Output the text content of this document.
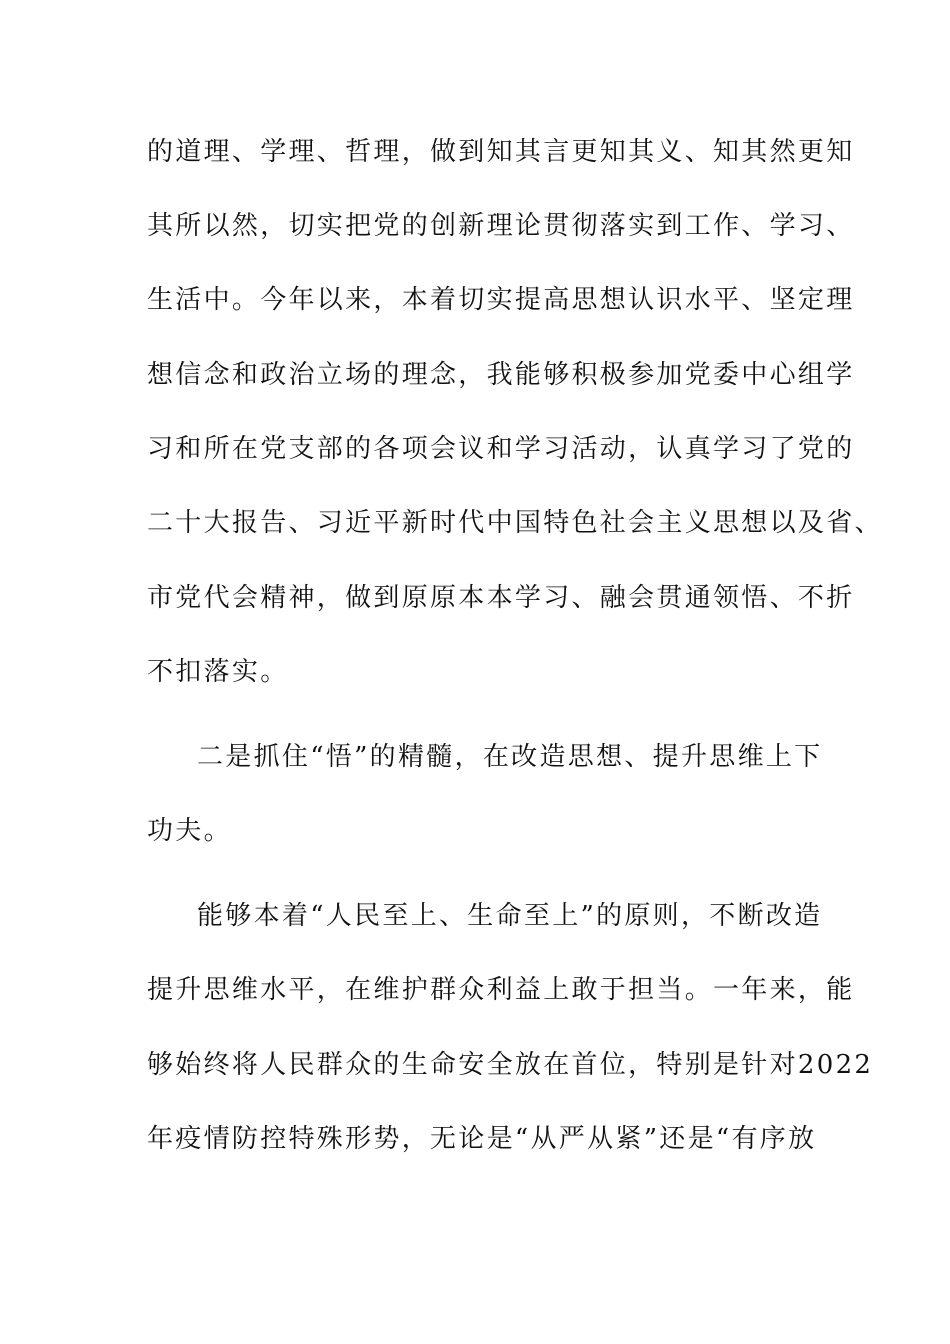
的道理、学理、哲理，做到知其言更知其义、知其然更知
其所以然，切实把党的创新理论贯彻落实到工作、学习、
生活中。今年以来，本着切实提高思想认识水平、坚定理
想信念和政治立场的理念，我能够积极参加党委中心组学
习和所在党支部的各项会议和学习活动，认真学习了党的
二十大报告、习近平新时代中国特色社会主义思想以及省、
市党代会精神，做到原原本本学习、融会贯通领悟、不折
不扣落实。
二是抓住“悟”的精髓，在改造思想、提升思维上下
功夫。
能够本着“人民至上、生命至上”的原则，不断改造
提升思维水平，在维护群众利益上敢于担当。一年来，能
够始终将人民群众的生命安全放在首位，特别是针对2022
年疫情防控特殊形势，无论是“从严从紧”还是“有序放
